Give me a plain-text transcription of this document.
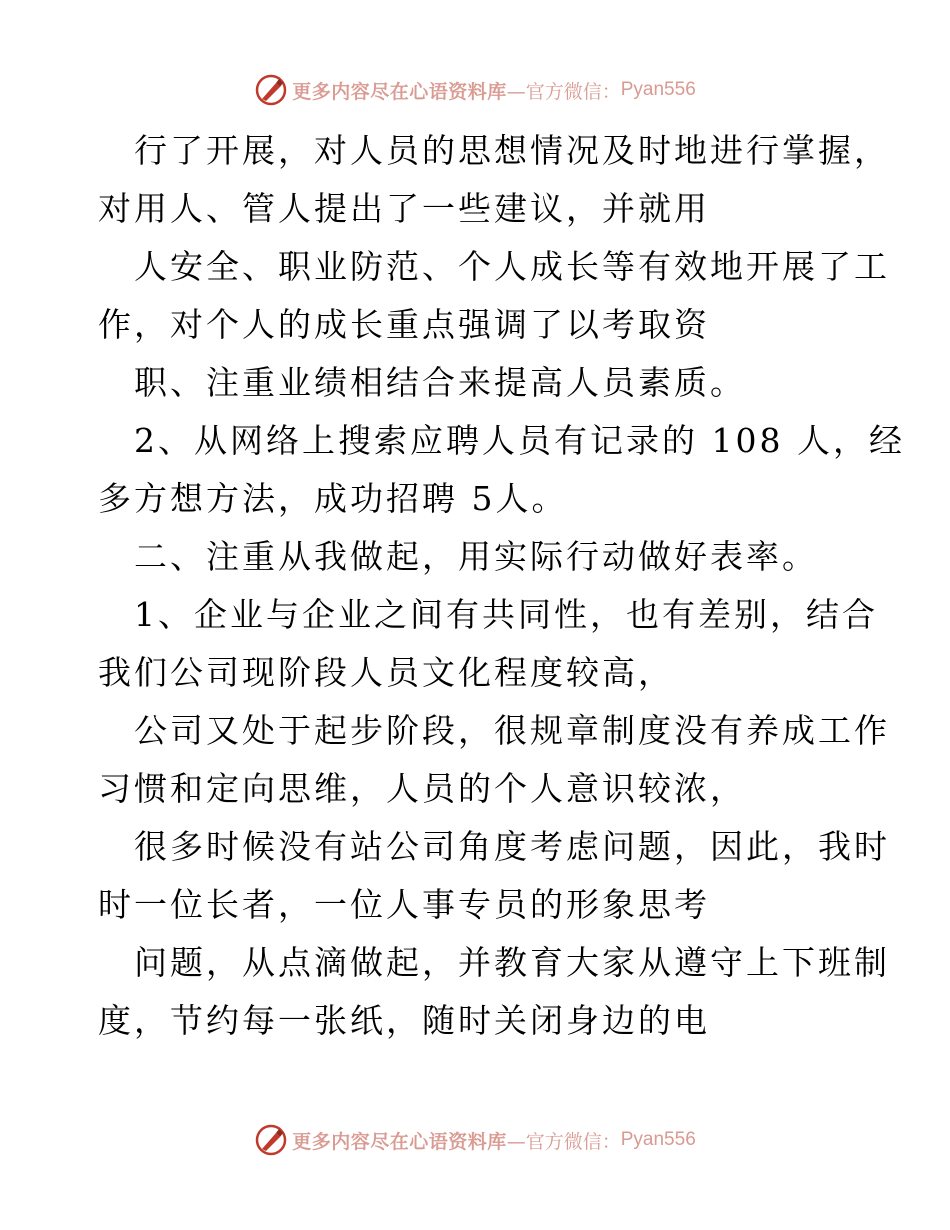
更多内容尽在心语资料库 —官方微信： Pyan556
行了开展，对人员的思想情况及时地进行掌握，
对用人、管人提出了一些建议，并就用
人安全、职业防范、个人成长等有效地开展了工
作，对个人的成长重点强调了以考取资
职、注重业绩相结合来提高人员素质。
2、从网络上搜索应聘人员有记录的 108 人，经
多方想方法，成功招聘 5人。
二、注重从我做起，用实际行动做好表率。
1、企业与企业之间有共同性，也有差别，结合
我们公司现阶段人员文化程度较高，
公司又处于起步阶段，很规章制度没有养成工作
习惯和定向思维，人员的个人意识较浓，
很多时候没有站公司角度考虑问题，因此，我时
时一位长者，一位人事专员的形象思考
问题，从点滴做起，并教育大家从遵守上下班制
度，节约每一张纸，随时关闭身边的电
更多内容尽在心语资料库 —官方微信： Pyan556
